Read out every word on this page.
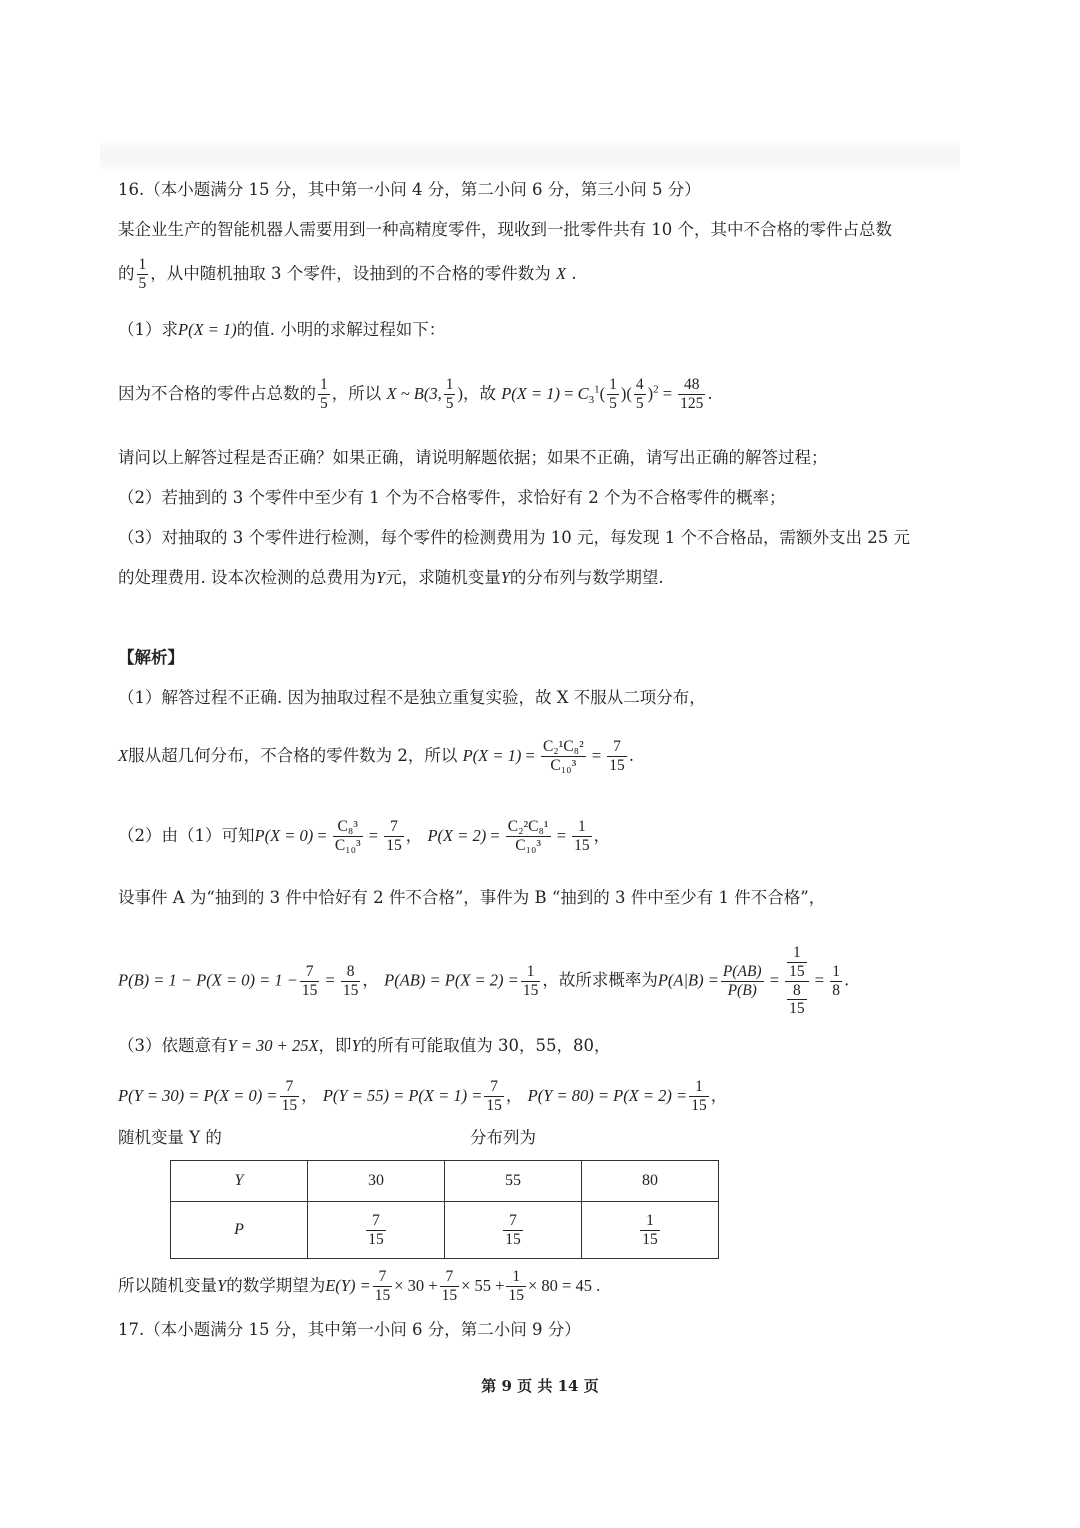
16.（本小题满分 15 分，其中第一小问 4 分，第二小问 6 分，第三小问 5 分）
某企业生产的智能机器人需要用到一种高精度零件，现收到一批零件共有 10 个，其中不合格的零件占总数
的 $\frac{1}{5}$ ，从中随机抽取 3 个零件，设抽到的不合格的零件数为 X .
（1）求P(X = 1)的值. 小明的求解过程如下：
因为不合格的零件占总数的 $\frac{1}{5}$ ，所以 X ~ B(3, $\frac{1}{5}$ )，故 $P(X = 1) = C_3^1( \frac{1}{5}$ )( $\frac{4}{5} )^2 = \frac{48}{125}$ .
请问以上解答过程是否正确？如果正确，请说明解题依据；如果不正确，请写出正确的解答过程；
（2）若抽到的 3 个零件中至少有 1 个为不合格零件，求恰好有 2 个为不合格零件的概率；
（3）对抽取的 3 个零件进行检测，每个零件的检测费用为 10 元，每发现 1 个不合格品，需额外支出 25 元
的处理费用. 设本次检测的总费用为Y元，求随机变量Y的分布列与数学期望.
【解析】
（1）解答过程不正确. 因为抽取过程不是独立重复实验，故 X 不服从二项分布，
X服从超几何分布，不合格的零件数为 2，所以 $P(X = 1) = \frac{\text{C₂¹C₈²}}{\text{C₁₀³}} = \frac{7}{15}$ .
（2）由（1）可知$P(X = 0) = \frac{\text{C₈³}}{\text{C₁₀³}} = \frac{7}{15}$ ， $P(X = 2) = \frac{\text{C₂²C₈¹}}{\text{C₁₀³}} = \frac{1}{15}$ ，
设事件 A 为“抽到的 3 件中恰好有 2 件不合格”，事件为 B “抽到的 3 件中至少有 1 件不合格”，
$P(B) = 1 - P(X = 0) = 1 - \frac{7}{15} = \frac{8}{15}$ ， $P(AB) = P(X = 2) = \frac{1}{15}$ ，故所求概率为$P(A|B) = \frac{P(AB)}{P(B)} = \frac{\frac{1}{15}}{\frac{8}{15}} = \frac{1}{8}$ .
（3）依题意有Y = 30 + 25X，即Y的所有可能取值为 30，55，80，
$P(Y = 30) = P(X = 0) = \frac{7}{15}$ ， $P(Y = 55) = P(X = 1) = \frac{7}{15}$ ， $P(Y = 80) = P(X = 2) = \frac{1}{15}$ ，
随机变量 Y 的	分布列为
Y	30	55	80
P	$\frac{7}{15}$	$\frac{7}{15}$	$\frac{1}{15}$
所以随机变量Y的数学期望为$E(Y) = \frac{7}{15} \times 30 + \frac{7}{15} \times 55 + \frac{1}{15} \times 80 = 45$ .
17.（本小题满分 15 分，其中第一小问 6 分，第二小问 9 分）
第 9 页 共 14 页
